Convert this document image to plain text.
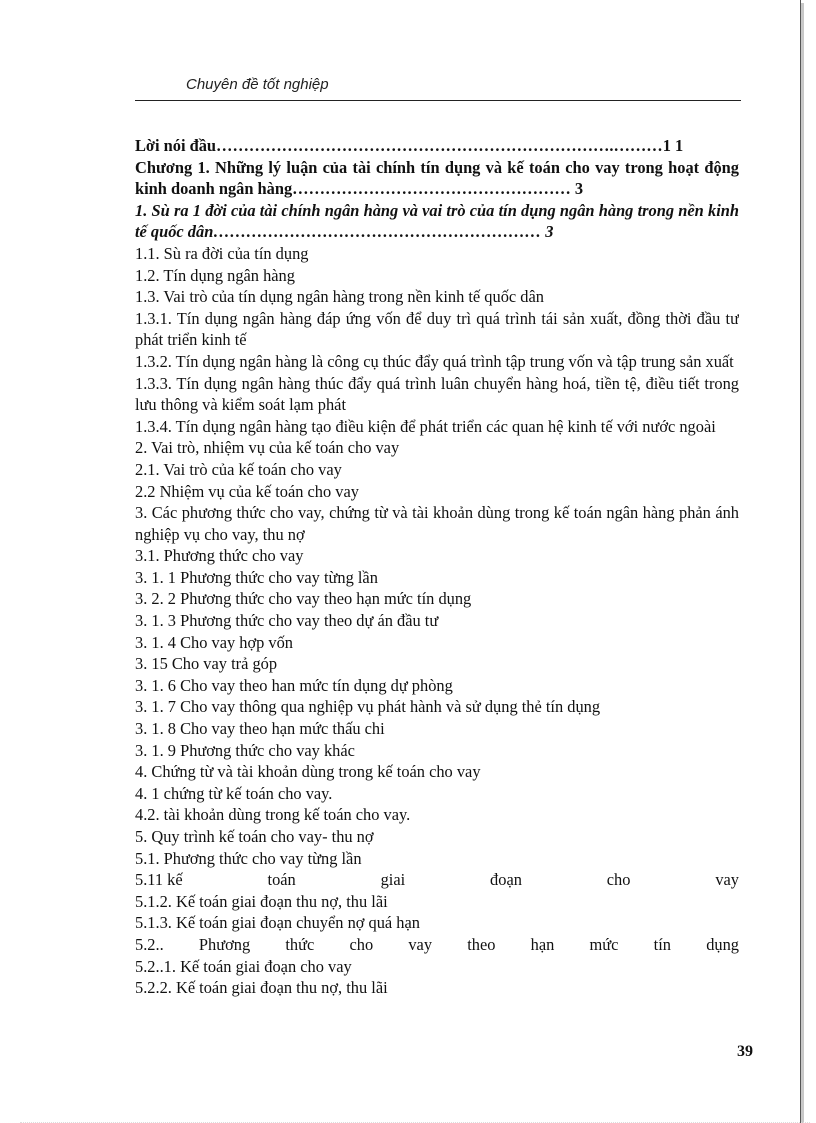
Chuyên đề tốt nghiệp

Lời nói đầu……………………………………………………………….………1 1

Chương 1. Những lý luận của tài chính tín dụng và kế toán cho vay trong hoạt động kinh doanh ngân hàng…………………………………………… 3

1. Sù ra 1 đời của tài chính ngân hàng và vai trò của tín dụng ngân hàng trong nền kinh tế quốc dân…………………………………………………… 3

1.1. Sù ra đời của tín dụng

1.2. Tín dụng ngân hàng

1.3. Vai trò của tín dụng ngân hàng trong nền kinh tế quốc dân

1.3.1. Tín dụng ngân hàng đáp ứng vốn để duy trì quá trình tái sản xuất, đồng thời đầu tư phát triển kinh tế

1.3.2. Tín dụng ngân hàng là công cụ thúc đẩy quá trình tập trung vốn và tập trung sản xuất

1.3.3. Tín dụng ngân hàng thúc đẩy quá trình luân chuyển hàng hoá, tiền tệ, điều tiết trong lưu thông và kiểm soát lạm phát

1.3.4. Tín dụng ngân hàng tạo điều kiện để phát triển các quan hệ kinh tế với nước ngoài

2. Vai trò, nhiệm vụ của kế toán cho vay

2.1. Vai trò của kế toán cho vay

2.2 Nhiệm vụ của kế toán cho vay

3. Các phương thức cho vay, chứng từ và tài khoản dùng trong kế toán ngân hàng phản ánh nghiệp vụ cho vay, thu nợ

3.1. Phương thức cho vay

3. 1. 1 Phương thức cho vay từng lần

3. 2. 2 Phương thức cho vay theo hạn mức tín dụng

3. 1. 3 Phương thức cho vay theo dự án đầu tư

3. 1. 4 Cho vay hợp vốn

3. 15 Cho vay trả góp

3. 1. 6 Cho vay theo han mức tín dụng dự phòng

3. 1. 7 Cho vay thông qua nghiệp vụ phát hành và sử dụng thẻ tín dụng

3. 1. 8 Cho vay theo hạn mức thấu chi

3. 1. 9 Phương thức cho vay khác

4. Chứng từ và tài khoản dùng trong kế toán cho vay

4. 1 chứng từ kế toán cho vay.

4.2. tài khoản dùng trong kế toán cho vay.

5. Quy trình kế toán cho vay- thu nợ

5.1. Phương thức cho vay từng lần

5.11 kế	toán	giai	đoạn	cho	vay

5.1.2. Kế toán giai đoạn thu nợ, thu lãi

5.1.3. Kế toán giai đoạn chuyển nợ quá hạn

5.2.. Phương thức cho vay theo hạn mức tín dụng

5.2..1. Kế toán giai đoạn cho vay

5.2.2. Kế toán giai đoạn thu nợ, thu lãi

39
